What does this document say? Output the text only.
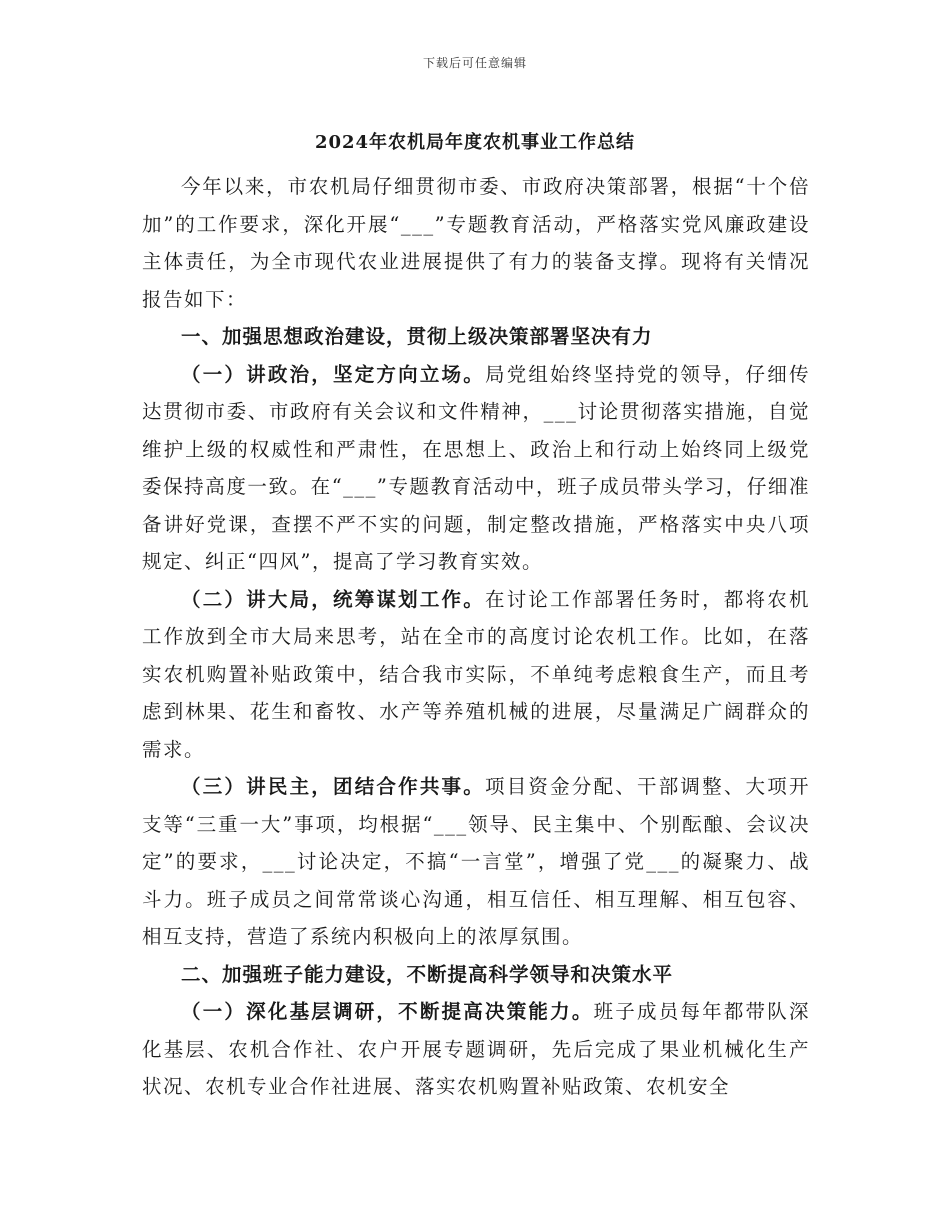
下载后可任意编辑
2024年农机局年度农机事业工作总结

今年以来，市农机局仔细贯彻市委、市政府决策部署，根据“十个倍加”的工作要求，深化开展“___”专题教育活动，严格落实党风廉政建设主体责任，为全市现代农业进展提供了有力的装备支撑。现将有关情况报告如下：

一、加强思想政治建设，贯彻上级决策部署坚决有力

（一）讲政治，坚定方向立场。局党组始终坚持党的领导，仔细传达贯彻市委、市政府有关会议和文件精神，___讨论贯彻落实措施，自觉维护上级的权威性和严肃性，在思想上、政治上和行动上始终同上级党委保持高度一致。在“___”专题教育活动中，班子成员带头学习，仔细准备讲好党课，查摆不严不实的问题，制定整改措施，严格落实中央八项规定、纠正“四风”，提高了学习教育实效。

（二）讲大局，统筹谋划工作。在讨论工作部署任务时，都将农机工作放到全市大局来思考，站在全市的高度讨论农机工作。比如，在落实农机购置补贴政策中，结合我市实际，不单纯考虑粮食生产，而且考虑到林果、花生和畜牧、水产等养殖机械的进展，尽量满足广阔群众的需求。

（三）讲民主，团结合作共事。项目资金分配、干部调整、大项开支等“三重一大”事项，均根据“___领导、民主集中、个别酝酿、会议决定”的要求，___讨论决定，不搞“一言堂”，增强了党___的凝聚力、战斗力。班子成员之间常常谈心沟通，相互信任、相互理解、相互包容、相互支持，营造了系统内积极向上的浓厚氛围。

二、加强班子能力建设，不断提高科学领导和决策水平

（一）深化基层调研，不断提高决策能力。班子成员每年都带队深化基层、农机合作社、农户开展专题调研，先后完成了果业机械化生产状况、农机专业合作社进展、落实农机购置补贴政策、农机安全
